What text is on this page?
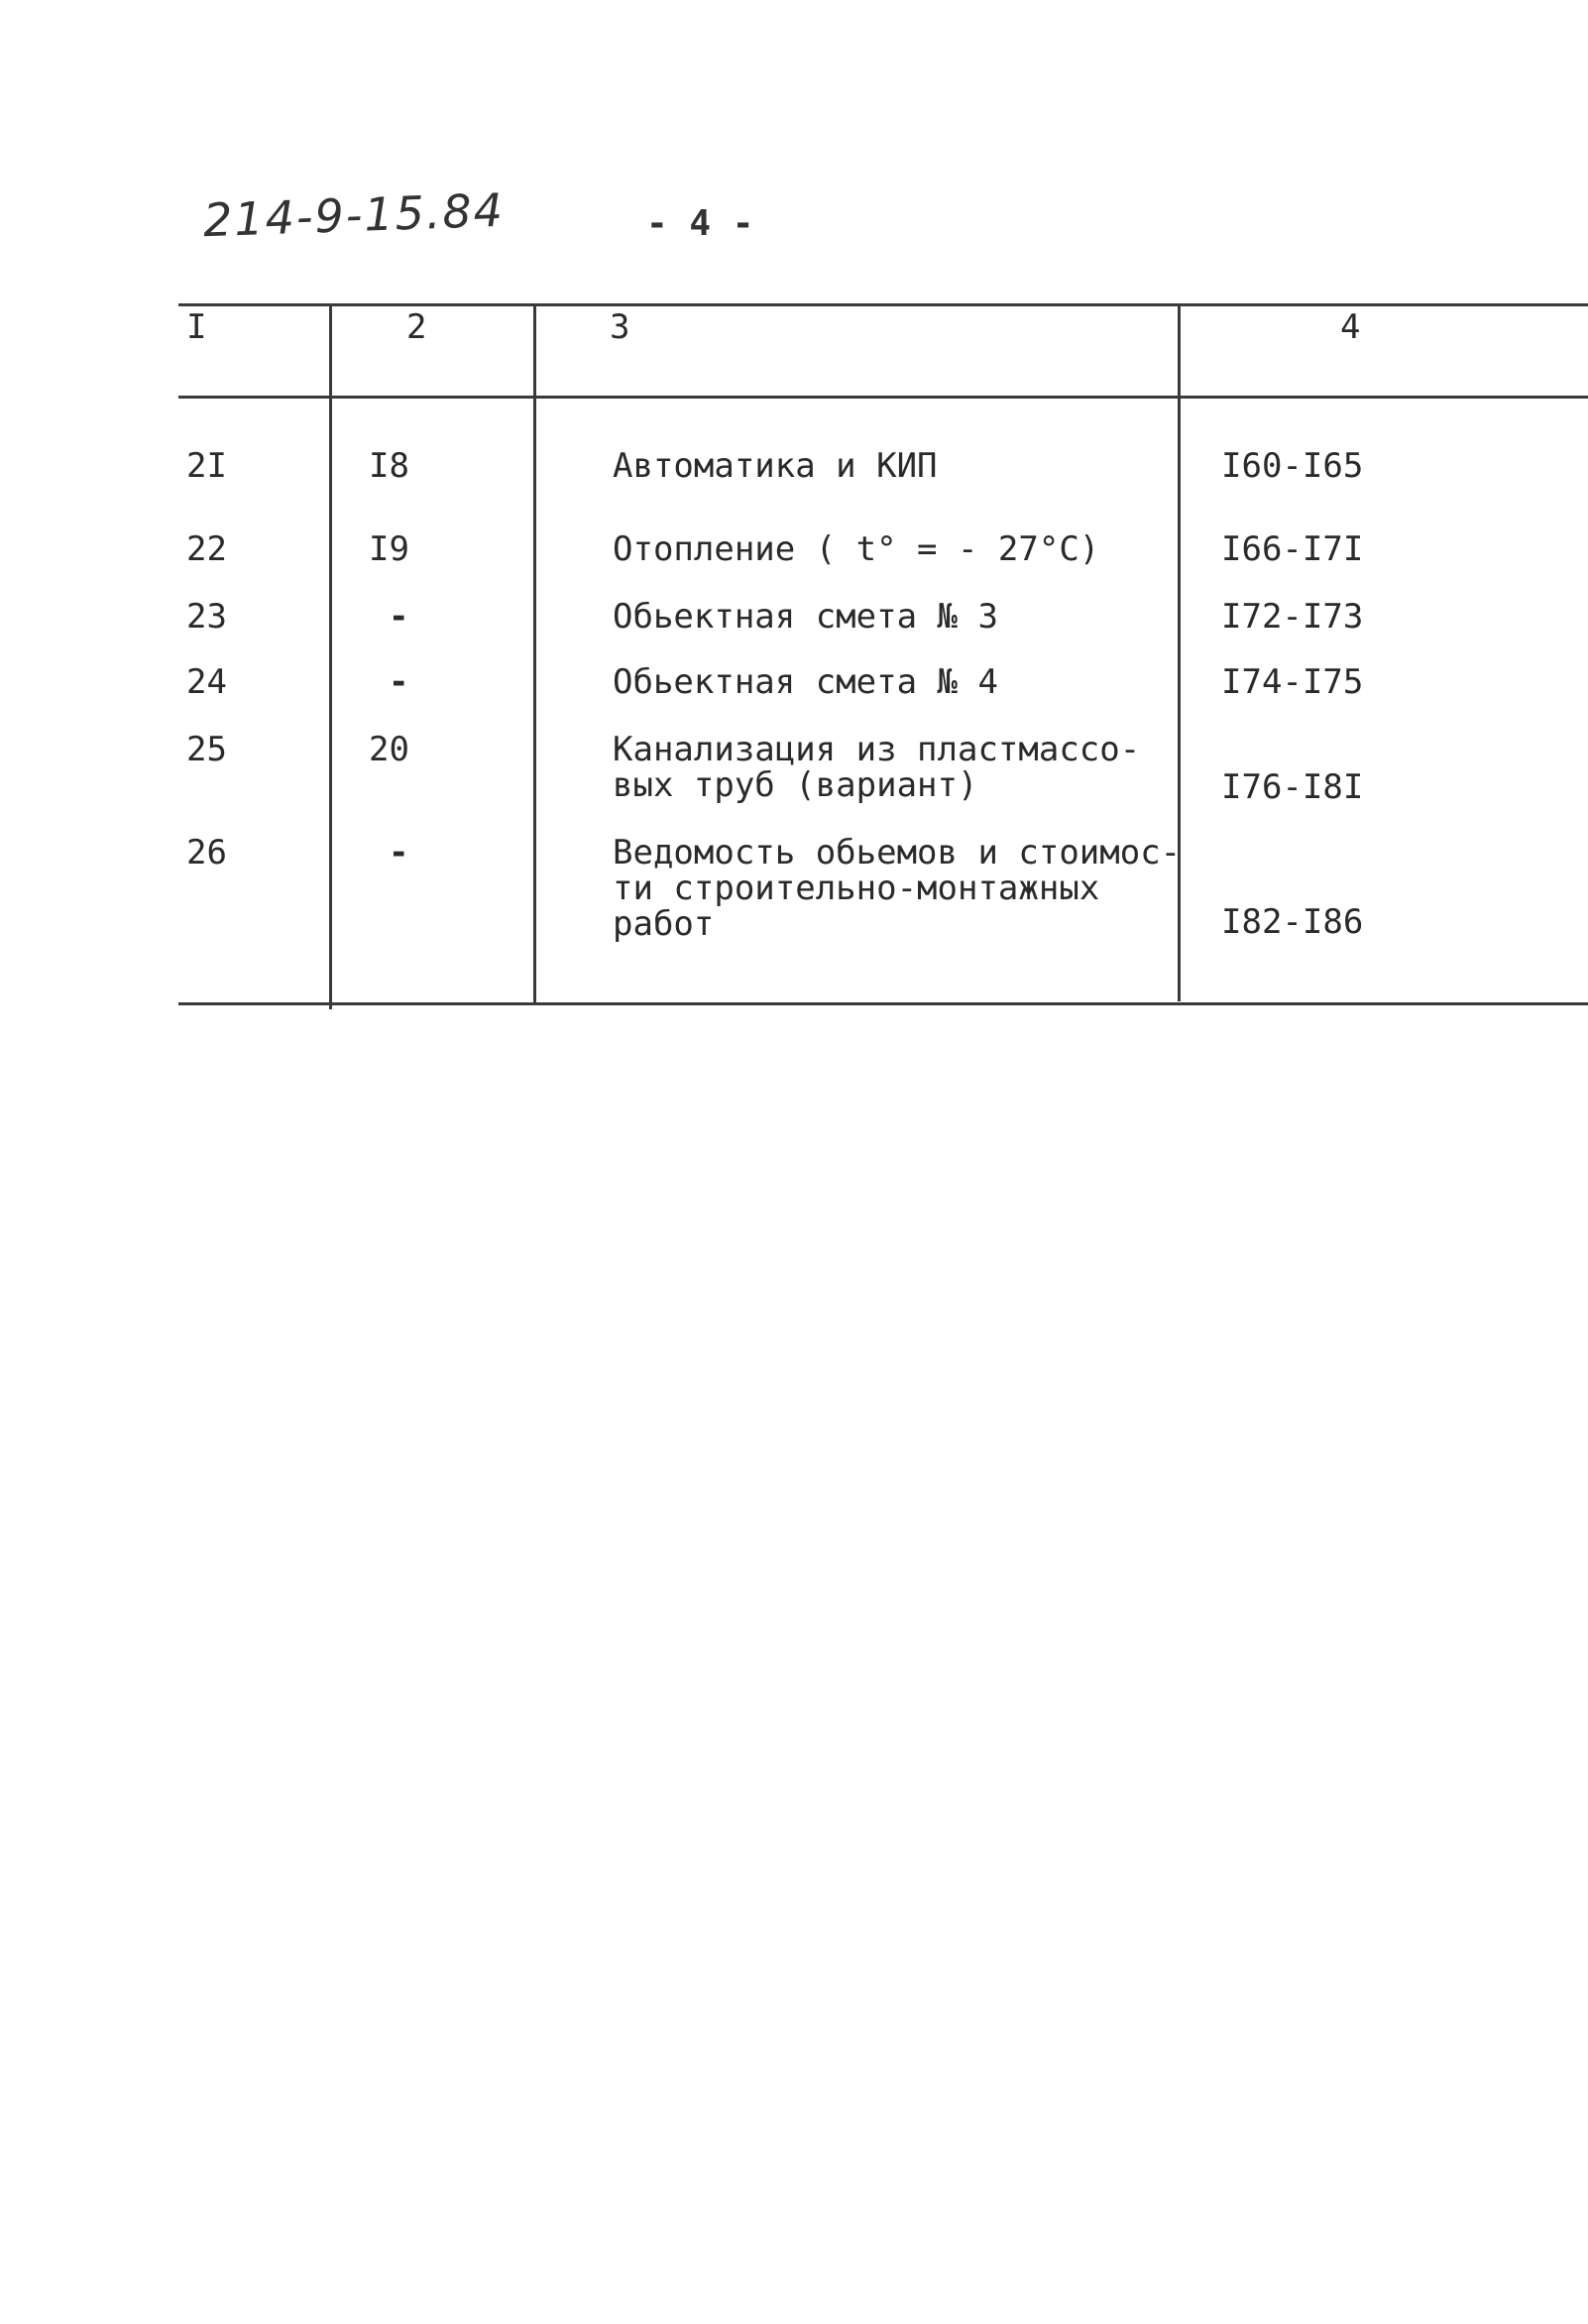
214-9-15.84	- 4 -
I	2	3	4
2I	I8	Автоматика и КИП	I60-I65
22	I9	Отопление ( t° = - 27°C)	I66-I7I
23	-	Обьектная смета № 3	I72-I73
24	-	Обьектная смета № 4	I74-I75
25	20	Канализация из пластмассо-
вых труб (вариант)	I76-I8I
26	-	Ведомость обьемов и стоимос-
ти строительно-монтажных
работ	I82-I86
